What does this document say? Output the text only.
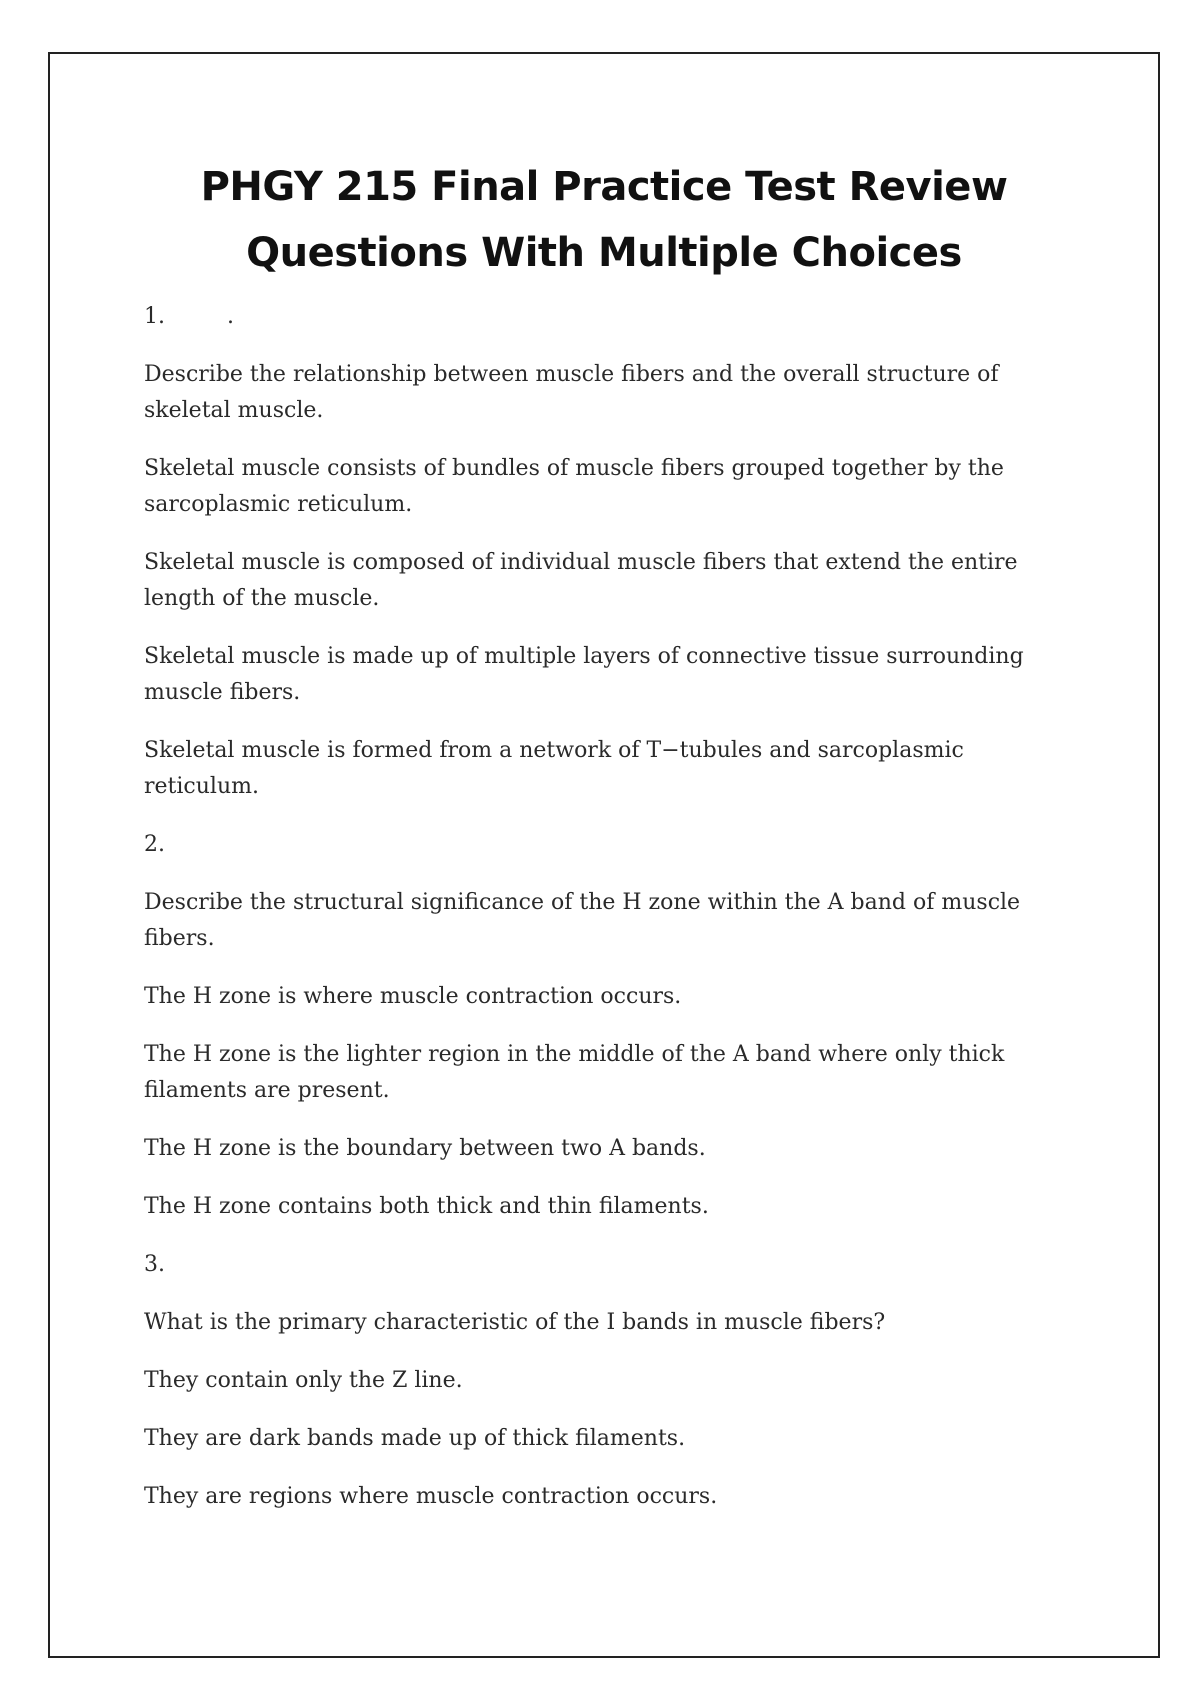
PHGY 215 Final Practice Test Review
Questions With Multiple Choices

1.	.

Describe the relationship between muscle fibers and the overall structure of skeletal muscle.

Skeletal muscle consists of bundles of muscle fibers grouped together by the sarcoplasmic reticulum.

Skeletal muscle is composed of individual muscle fibers that extend the entire length of the muscle.

Skeletal muscle is made up of multiple layers of connective tissue surrounding muscle fibers.

Skeletal muscle is formed from a network of T−tubules and sarcoplasmic reticulum.

2.

Describe the structural significance of the H zone within the A band of muscle fibers.

The H zone is where muscle contraction occurs.

The H zone is the lighter region in the middle of the A band where only thick filaments are present.

The H zone is the boundary between two A bands.

The H zone contains both thick and thin filaments.

3.

What is the primary characteristic of the I bands in muscle fibers?

They contain only the Z line.

They are dark bands made up of thick filaments.

They are regions where muscle contraction occurs.
